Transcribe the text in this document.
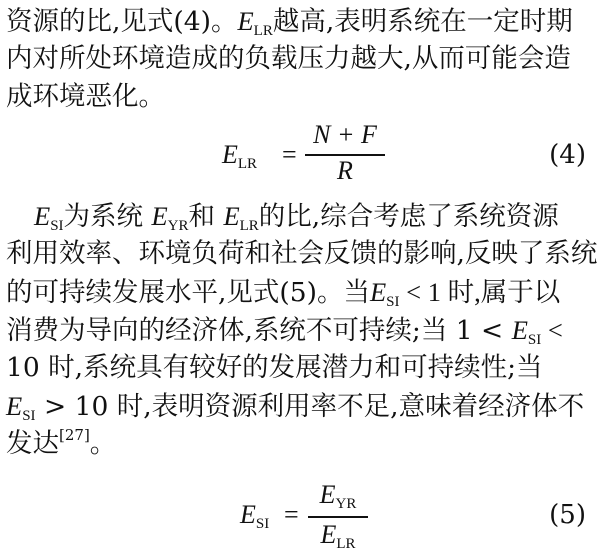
资源的比,见式(4)。$E_{LR}$越高,表明系统在一定时期
内对所处环境造成的负载压力越大,从而可能会造
成环境恶化。
$E_{LR}$ =
N + F
R
(4)
$E_{SI}$为系统 $E_{YR}$和 $E_{LR}$的比,综合考虑了系统资源
利用效率、环境负荷和社会反馈的影响,反映了系统
的可持续发展水平,见式(5)。当$E_{SI} < 1$ 时,属于以
消费为导向的经济体,系统不可持续;当 $1 < E_{SI}$ <
10 时,系统具有较好的发展潜力和可持续性;当
$E_{SI} > 10$ 时,表明资源利用率不足,意味着经济体不
发达[27]。
$E_{SI}$ =
$E_{YR}$
$E_{LR}$
(5)
